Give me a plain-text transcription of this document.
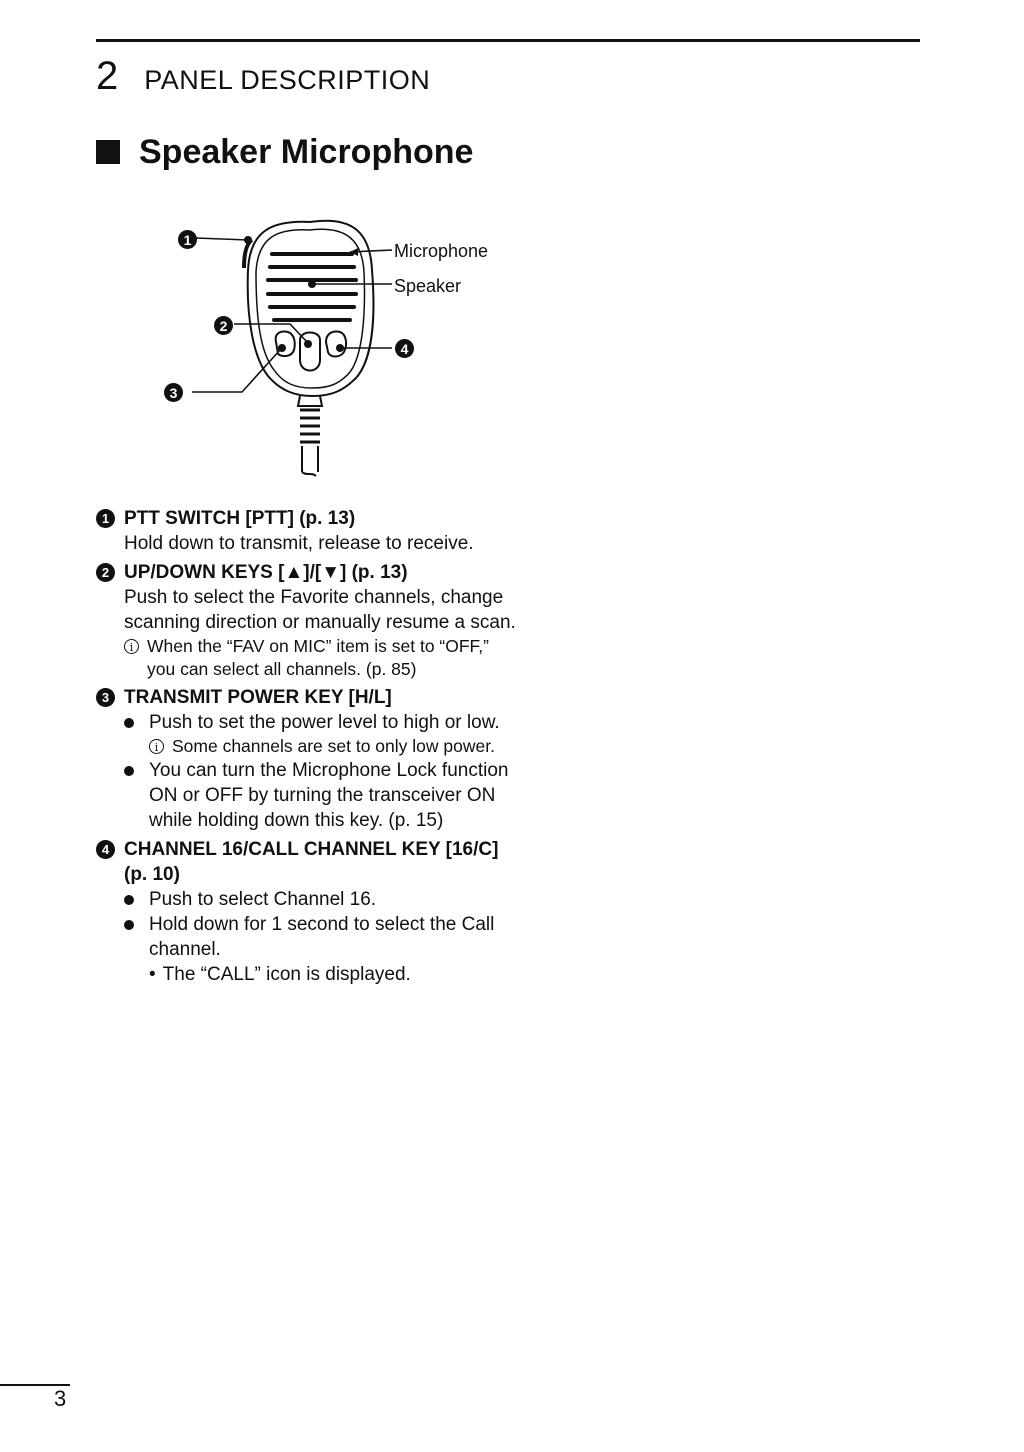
2 PANEL DESCRIPTION
Speaker Microphone
1
2
3
4
Microphone
Speaker
1 PTT SWITCH [PTT] (p. 13)
Hold down to transmit, release to receive.
2 UP/DOWN KEYS [▲]/[▼] (p. 13)
Push to select the Favorite channels, change scanning direction or manually resume a scan.
i When the “FAV on MIC” item is set to “OFF,” you can select all channels. (p. 85)
3 TRANSMIT POWER KEY [H/L]
Push to set the power level to high or low.
i Some channels are set to only low power.
You can turn the Microphone Lock function ON or OFF by turning the transceiver ON while holding down this key. (p. 15)
4 CHANNEL 16/CALL CHANNEL KEY [16/C] (p. 10)
Push to select Channel 16.
Hold down for 1 second to select the Call channel.
• The “CALL” icon is displayed.
3
